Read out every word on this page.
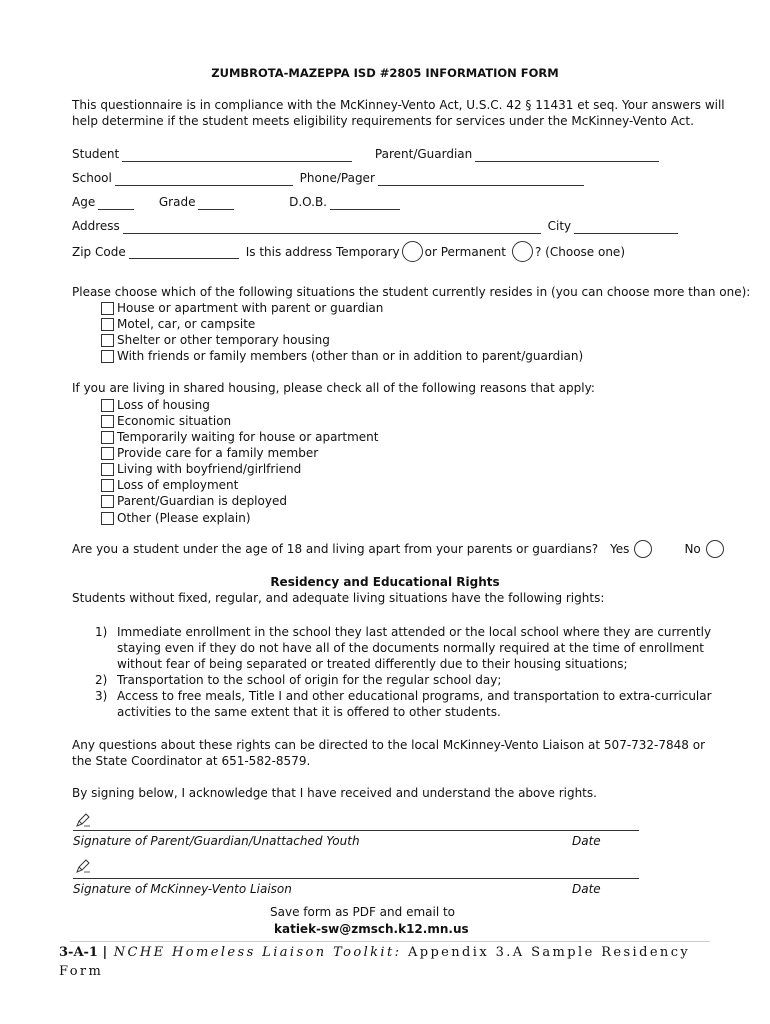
ZUMBROTA-MAZEPPA ISD #2805 INFORMATION FORM
This questionnaire is in compliance with the McKinney-Vento Act, U.S.C. 42 § 11431 et seq. Your answers will
help determine if the student meets eligibility requirements for services under the McKinney-Vento Act.
Student	Parent/Guardian
School	Phone/Pager
Age	Grade	D.O.B.
Address	City
Zip Code	Is this address Temporary or Permanent ? (Choose one)
Please choose which of the following situations the student currently resides in (you can choose more than one):
House or apartment with parent or guardian
Motel, car, or campsite
Shelter or other temporary housing
With friends or family members (other than or in addition to parent/guardian)
If you are living in shared housing, please check all of the following reasons that apply:
Loss of housing
Economic situation
Temporarily waiting for house or apartment
Provide care for a family member
Living with boyfriend/girlfriend
Loss of employment
Parent/Guardian is deployed
Other (Please explain)
Are you a student under the age of 18 and living apart from your parents or guardians? Yes	No
Residency and Educational Rights
Students without fixed, regular, and adequate living situations have the following rights:
1) Immediate enrollment in the school they last attended or the local school where they are currently
staying even if they do not have all of the documents normally required at the time of enrollment
without fear of being separated or treated differently due to their housing situations;
2) Transportation to the school of origin for the regular school day;
3) Access to free meals, Title I and other educational programs, and transportation to extra-curricular
activities to the same extent that it is offered to other students.
Any questions about these rights can be directed to the local McKinney-Vento Liaison at 507-732-7848 or
the State Coordinator at 651-582-8579.
By signing below, I acknowledge that I have received and understand the above rights.
Signature of Parent/Guardian/Unattached Youth	Date
Signature of McKinney-Vento Liaison	Date
Save form as PDF and email to
katiek-sw@zmsch.k12.mn.us
3-A-1 | NCHE Homeless Liaison Toolkit: Appendix 3.A Sample Residency Form
